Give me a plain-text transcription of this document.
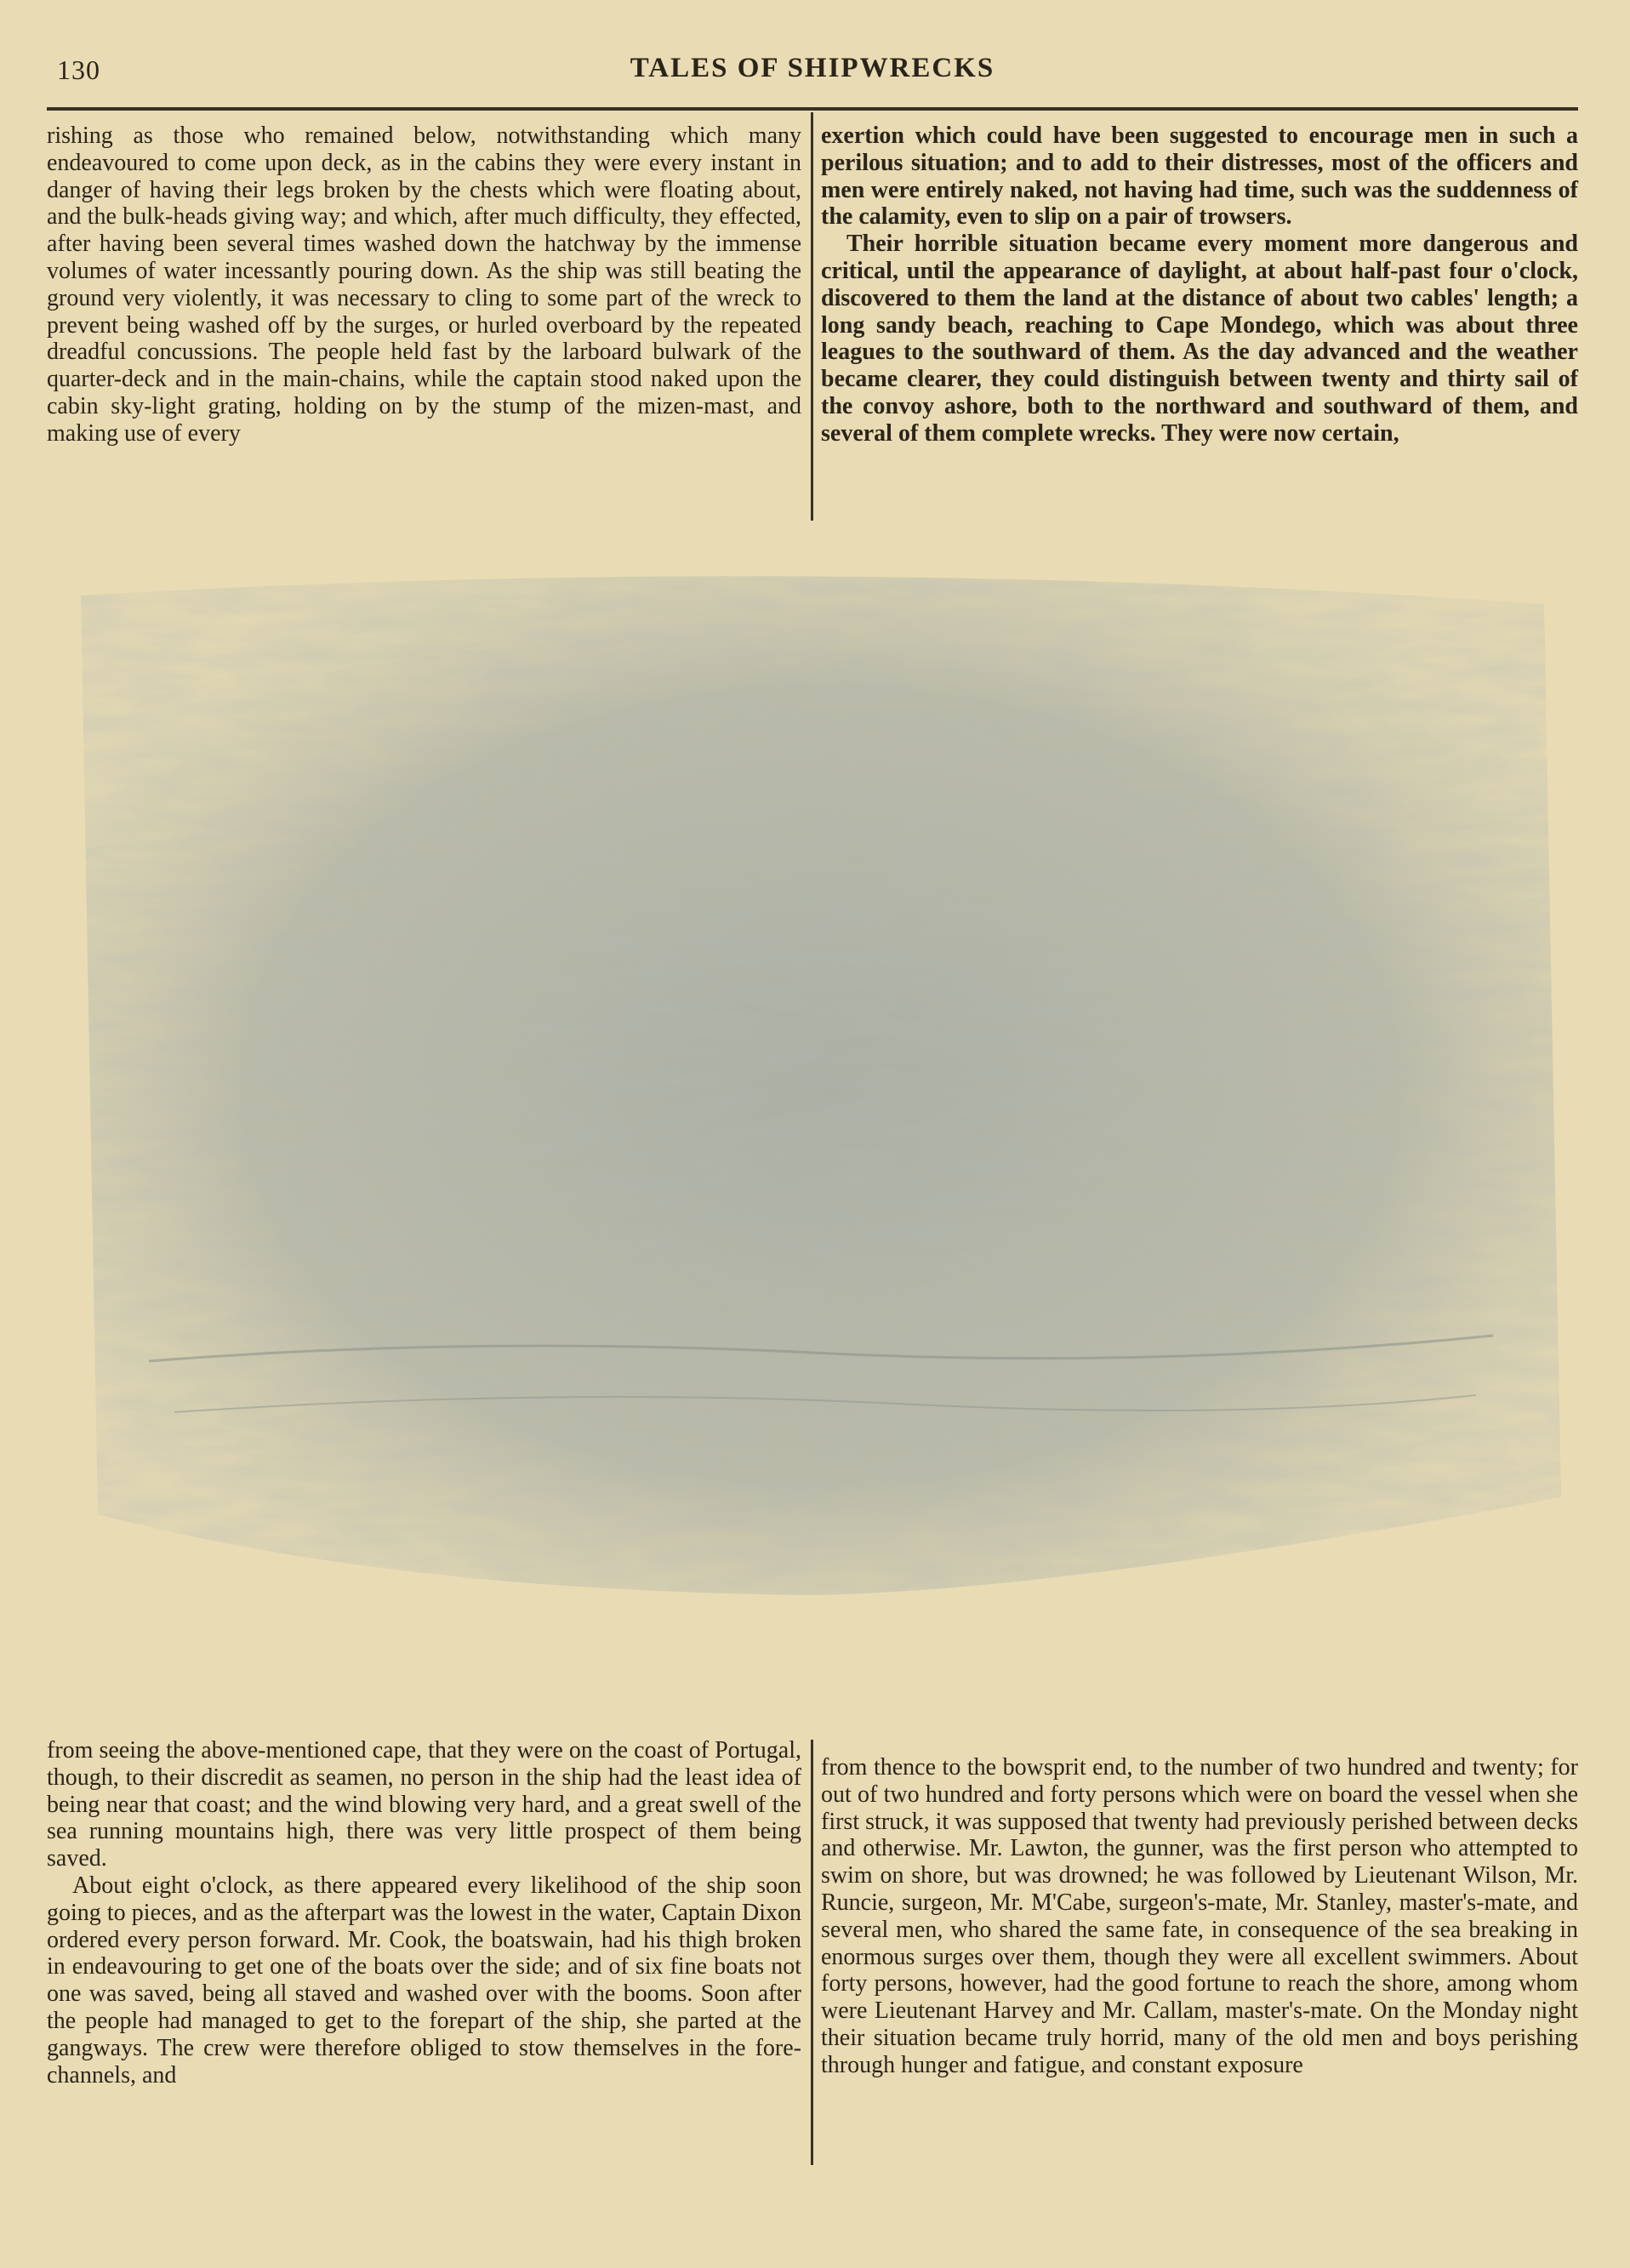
130	TALES OF SHIPWRECKS

rishing as those who remained below, notwithstanding which many endeavoured to come upon deck, as in the cabins they were every instant in danger of having their legs broken by the chests which were floating about, and the bulk-heads giving way; and which, after much difficulty, they effected, after having been several times washed down the hatchway by the immense volumes of water incessantly pouring down. As the ship was still beating the ground very violently, it was necessary to cling to some part of the wreck to prevent being washed off by the surges, or hurled overboard by the repeated dreadful concussions. The people held fast by the larboard bulwark of the quarter-deck and in the main-chains, while the captain stood naked upon the cabin sky-light grating, holding on by the stump of the mizen-mast, and making use of every

exertion which could have been suggested to encourage men in such a perilous situation; and to add to their distresses, most of the officers and men were entirely naked, not having had time, such was the suddenness of the calamity, even to slip on a pair of trowsers.

Their horrible situation became every moment more dangerous and critical, until the appearance of daylight, at about half-past four o'clock, discovered to them the land at the distance of about two cables' length; a long sandy beach, reaching to Cape Mondego, which was about three leagues to the southward of them. As the day advanced and the weather became clearer, they could distinguish between twenty and thirty sail of the convoy ashore, both to the northward and southward of them, and several of them complete wrecks. They were now certain,

from seeing the above-mentioned cape, that they were on the coast of Portugal, though, to their discredit as seamen, no person in the ship had the least idea of being near that coast; and the wind blowing very hard, and a great swell of the sea running mountains high, there was very little prospect of them being saved.

About eight o'clock, as there appeared every likelihood of the ship soon going to pieces, and as the afterpart was the lowest in the water, Captain Dixon ordered every person forward. Mr. Cook, the boatswain, had his thigh broken in endeavouring to get one of the boats over the side; and of six fine boats not one was saved, being all staved and washed over with the booms. Soon after the people had managed to get to the forepart of the ship, she parted at the gangways. The crew were therefore obliged to stow themselves in the fore-channels, and

from thence to the bowsprit end, to the number of two hundred and twenty; for out of two hundred and forty persons which were on board the vessel when she first struck, it was supposed that twenty had previously perished between decks and otherwise. Mr. Lawton, the gunner, was the first person who attempted to swim on shore, but was drowned; he was followed by Lieutenant Wilson, Mr. Runcie, surgeon, Mr. M'Cabe, surgeon's-mate, Mr. Stanley, master's-mate, and several men, who shared the same fate, in consequence of the sea breaking in enormous surges over them, though they were all excellent swimmers. About forty persons, however, had the good fortune to reach the shore, among whom were Lieutenant Harvey and Mr. Callam, master's-mate. On the Monday night their situation became truly horrid, many of the old men and boys perishing through hunger and fatigue, and constant exposure
